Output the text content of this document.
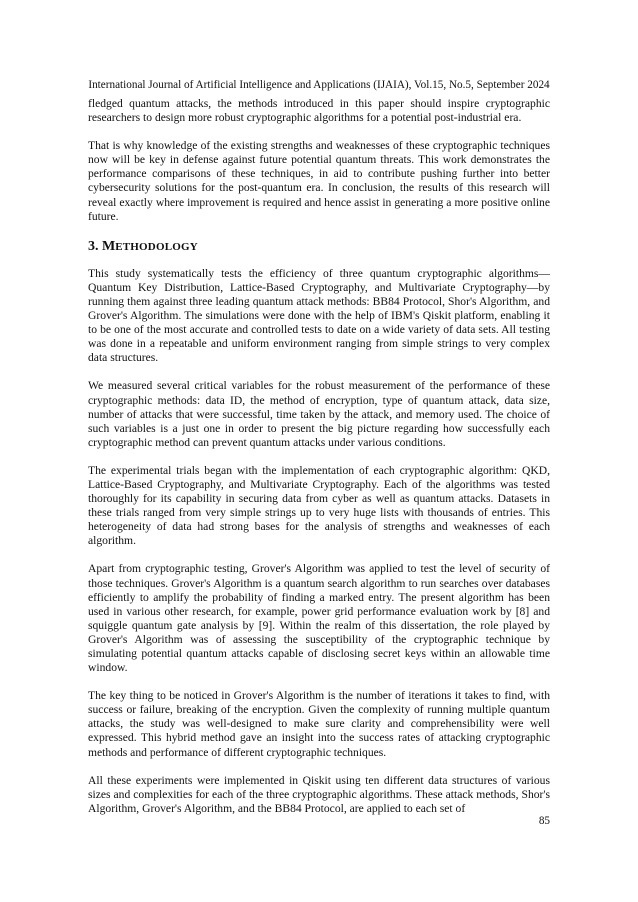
International Journal of Artificial Intelligence and Applications (IJAIA), Vol.15, No.5, September 2024

fledged quantum attacks, the methods introduced in this paper should inspire cryptographic researchers to design more robust cryptographic algorithms for a potential post-industrial era.

That is why knowledge of the existing strengths and weaknesses of these cryptographic techniques now will be key in defense against future potential quantum threats. This work demonstrates the performance comparisons of these techniques, in aid to contribute pushing further into better cybersecurity solutions for the post-quantum era. In conclusion, the results of this research will reveal exactly where improvement is required and hence assist in generating a more positive online future.

3. METHODOLOGY

This study systematically tests the efficiency of three quantum cryptographic algorithms—Quantum Key Distribution, Lattice-Based Cryptography, and Multivariate Cryptography—by running them against three leading quantum attack methods: BB84 Protocol, Shor's Algorithm, and Grover's Algorithm. The simulations were done with the help of IBM's Qiskit platform, enabling it to be one of the most accurate and controlled tests to date on a wide variety of data sets. All testing was done in a repeatable and uniform environment ranging from simple strings to very complex data structures.

We measured several critical variables for the robust measurement of the performance of these cryptographic methods: data ID, the method of encryption, type of quantum attack, data size, number of attacks that were successful, time taken by the attack, and memory used. The choice of such variables is a just one in order to present the big picture regarding how successfully each cryptographic method can prevent quantum attacks under various conditions.

The experimental trials began with the implementation of each cryptographic algorithm: QKD, Lattice-Based Cryptography, and Multivariate Cryptography. Each of the algorithms was tested thoroughly for its capability in securing data from cyber as well as quantum attacks. Datasets in these trials ranged from very simple strings up to very huge lists with thousands of entries. This heterogeneity of data had strong bases for the analysis of strengths and weaknesses of each algorithm.

Apart from cryptographic testing, Grover's Algorithm was applied to test the level of security of those techniques. Grover's Algorithm is a quantum search algorithm to run searches over databases efficiently to amplify the probability of finding a marked entry. The present algorithm has been used in various other research, for example, power grid performance evaluation work by [8] and squiggle quantum gate analysis by [9]. Within the realm of this dissertation, the role played by Grover's Algorithm was of assessing the susceptibility of the cryptographic technique by simulating potential quantum attacks capable of disclosing secret keys within an allowable time window.

The key thing to be noticed in Grover's Algorithm is the number of iterations it takes to find, with success or failure, breaking of the encryption. Given the complexity of running multiple quantum attacks, the study was well-designed to make sure clarity and comprehensibility were well expressed. This hybrid method gave an insight into the success rates of attacking cryptographic methods and performance of different cryptographic techniques.

All these experiments were implemented in Qiskit using ten different data structures of various sizes and complexities for each of the three cryptographic algorithms. These attack methods, Shor's Algorithm, Grover's Algorithm, and the BB84 Protocol, are applied to each set of

85
